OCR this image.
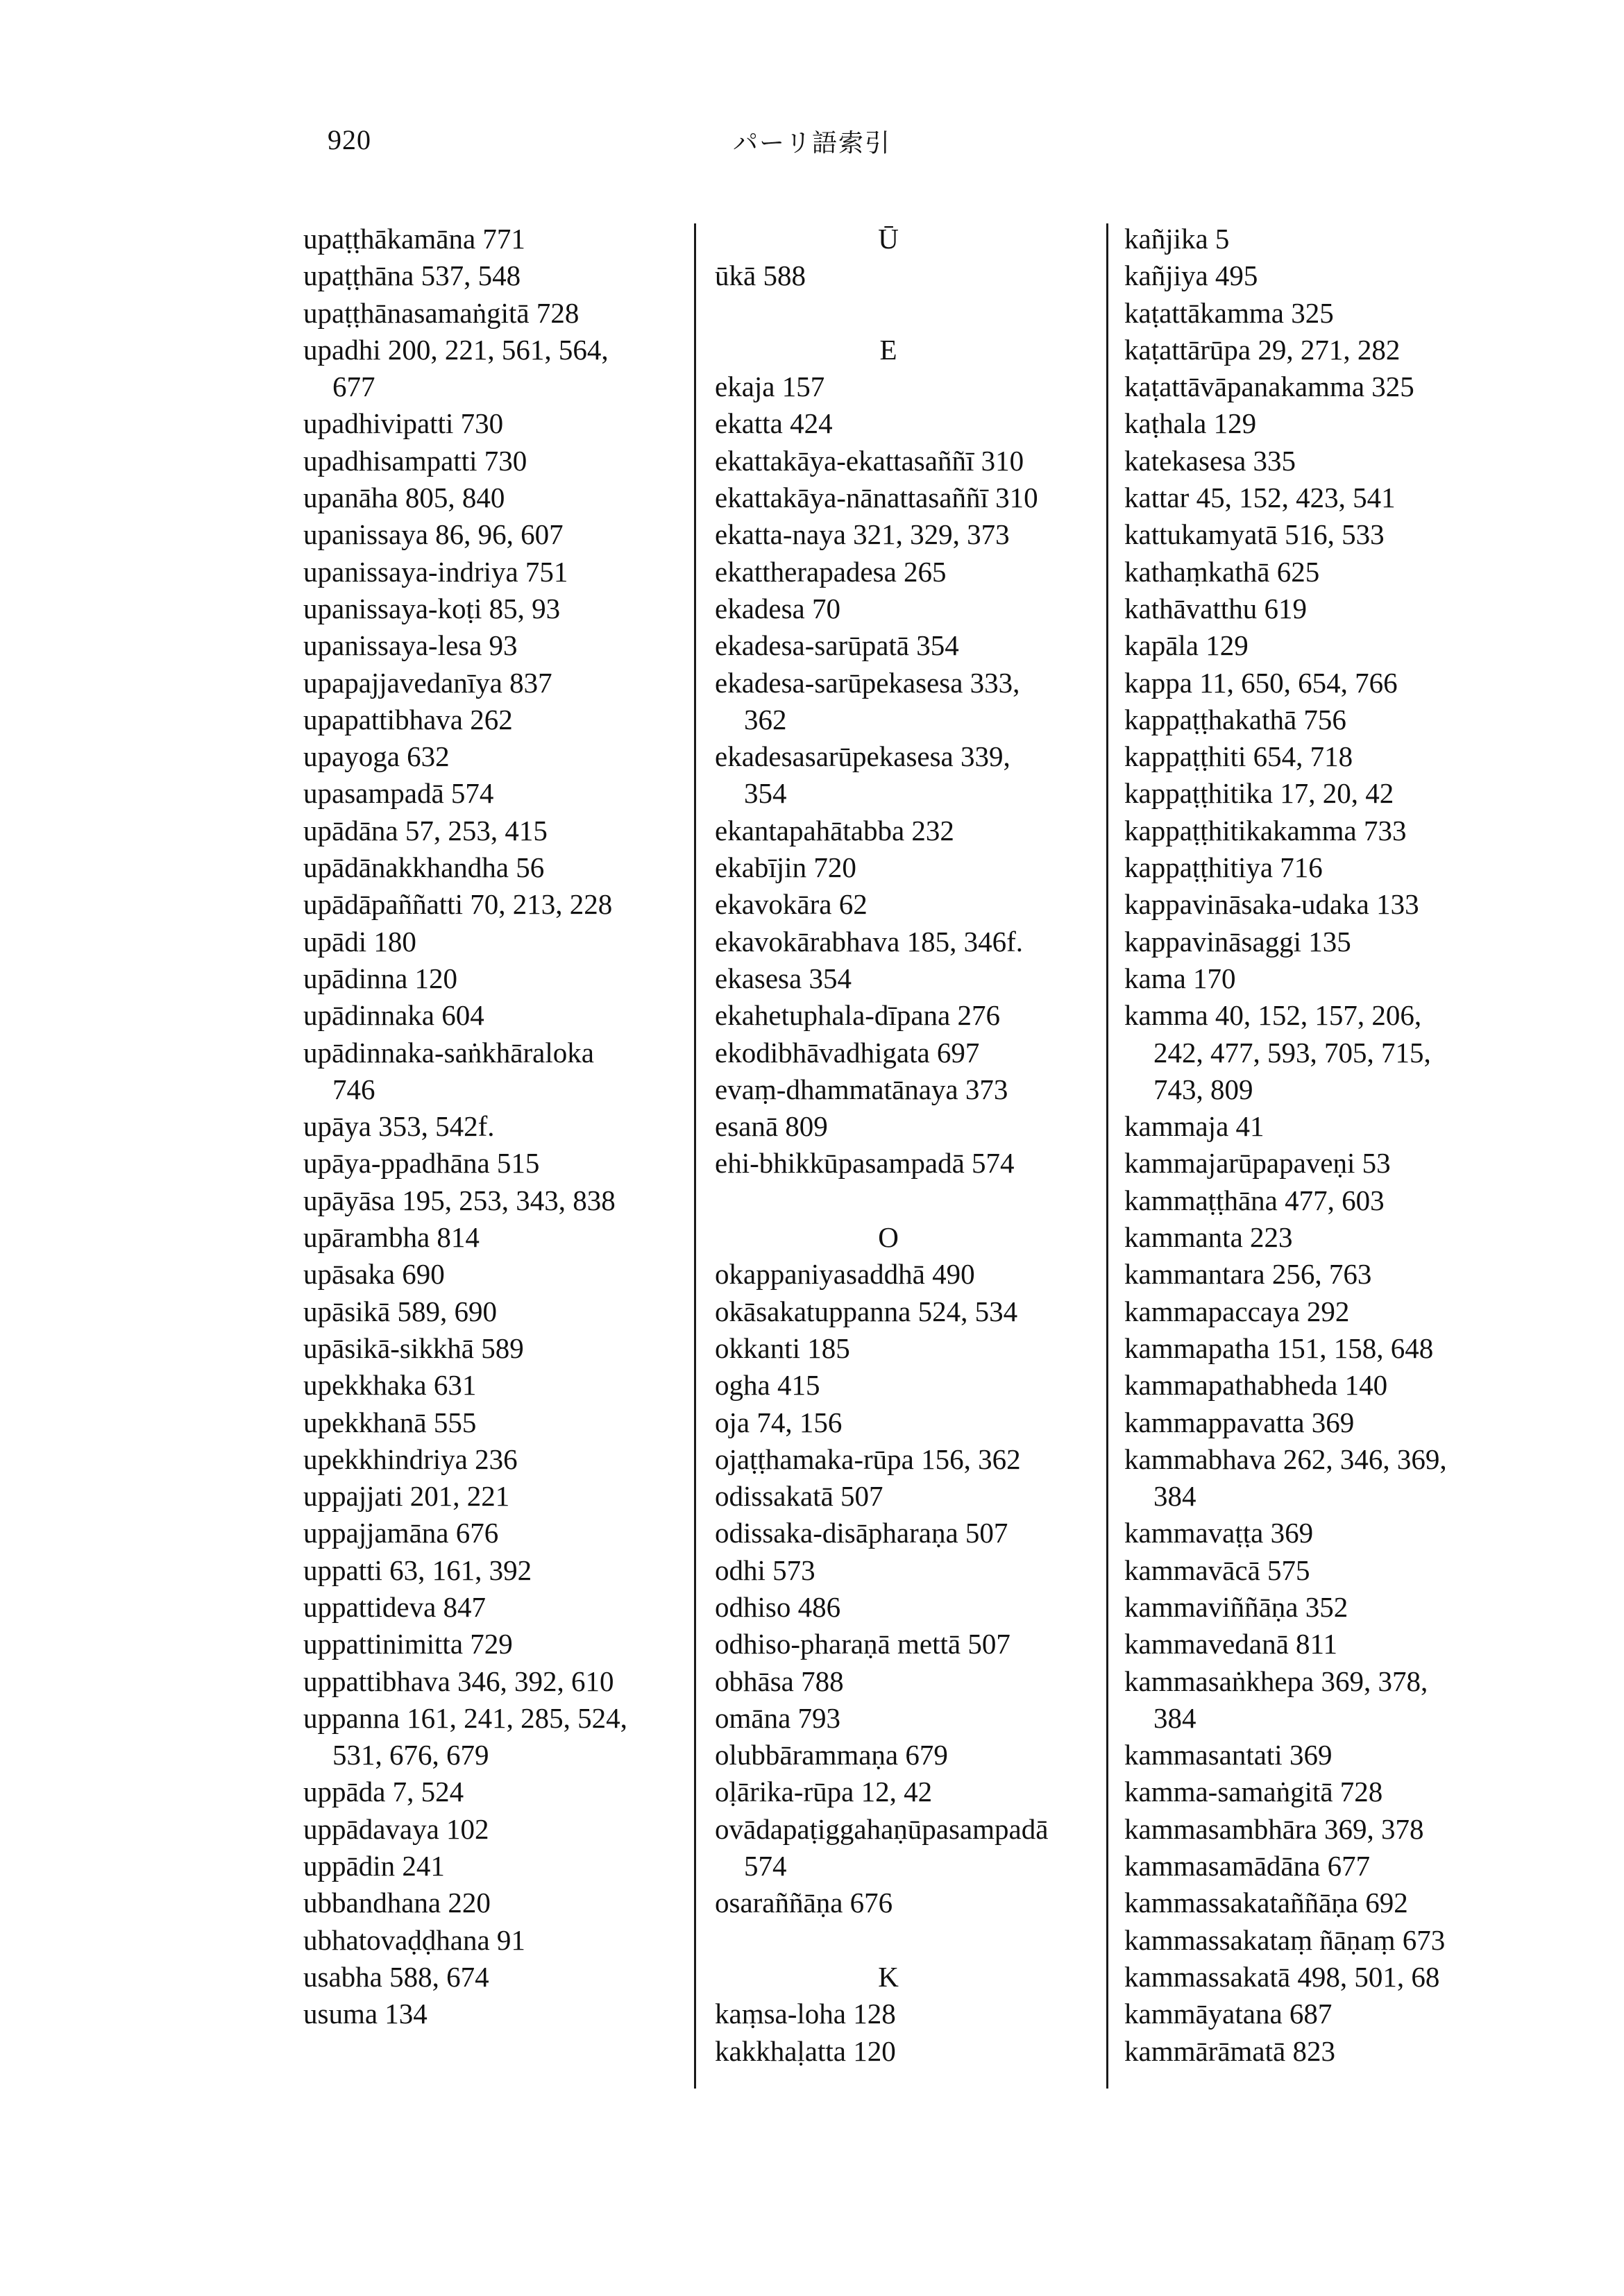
920	パーリ語索引
upaṭṭhākamāna 771
upaṭṭhāna 537, 548
upaṭṭhānasamaṅgitā 728
upadhi 200, 221, 561, 564,
677
upadhivipatti 730
upadhisampatti 730
upanāha 805, 840
upanissaya 86, 96, 607
upanissaya-indriya 751
upanissaya-koṭi 85, 93
upanissaya-lesa 93
upapajjavedanīya 837
upapattibhava 262
upayoga 632
upasampadā 574
upādāna 57, 253, 415
upādānakkhandha 56
upādāpaññatti 70, 213, 228
upādi 180
upādinna 120
upādinnaka 604
upādinnaka-saṅkhāraloka
746
upāya 353, 542f.
upāya-ppadhāna 515
upāyāsa 195, 253, 343, 838
upārambha 814
upāsaka 690
upāsikā 589, 690
upāsikā-sikkhā 589
upekkhaka 631
upekkhanā 555
upekkhindriya 236
uppajjati 201, 221
uppajjamāna 676
uppatti 63, 161, 392
uppattideva 847
uppattinimitta 729
uppattibhava 346, 392, 610
uppanna 161, 241, 285, 524,
531, 676, 679
uppāda 7, 524
uppādavaya 102
uppādin 241
ubbandhana 220
ubhatovaḍḍhana 91
usabha 588, 674
usuma 134
Ū
ūkā 588
E
ekaja 157
ekatta 424
ekattakāya-ekattasaññī 310
ekattakāya-nānattasaññī 310
ekatta-naya 321, 329, 373
ekattherapadesa 265
ekadesa 70
ekadesa-sarūpatā 354
ekadesa-sarūpekasesa 333,
362
ekadesasarūpekasesa 339,
354
ekantapahātabba 232
ekabījin 720
ekavokāra 62
ekavokārabhava 185, 346f.
ekasesa 354
ekahetuphala-dīpana 276
ekodibhāvadhigata 697
evaṃ-dhammatānaya 373
esanā 809
ehi-bhikkūpasampadā 574
O
okappaniyasaddhā 490
okāsakatuppanna 524, 534
okkanti 185
ogha 415
oja 74, 156
ojaṭṭhamaka-rūpa 156, 362
odissakatā 507
odissaka-disāpharaṇa 507
odhi 573
odhiso 486
odhiso-pharaṇā mettā 507
obhāsa 788
omāna 793
olubbārammaṇa 679
oḷārika-rūpa 12, 42
ovādapaṭiggahaṇūpasampadā
574
osaraññāṇa 676
K
kaṃsa-loha 128
kakkhaḷatta 120
kañjika 5
kañjiya 495
kaṭattākamma 325
kaṭattārūpa 29, 271, 282
kaṭattāvāpanakamma 325
kaṭhala 129
katekasesa 335
kattar 45, 152, 423, 541
kattukamyatā 516, 533
kathaṃkathā 625
kathāvatthu 619
kapāla 129
kappa 11, 650, 654, 766
kappaṭṭhakathā 756
kappaṭṭhiti 654, 718
kappaṭṭhitika 17, 20, 42
kappaṭṭhitikakamma 733
kappaṭṭhitiya 716
kappavināsaka-udaka 133
kappavināsaggi 135
kama 170
kamma 40, 152, 157, 206,
242, 477, 593, 705, 715,
743, 809
kammaja 41
kammajarūpapaveṇi 53
kammaṭṭhāna 477, 603
kammanta 223
kammantara 256, 763
kammapaccaya 292
kammapatha 151, 158, 648
kammapathabheda 140
kammappavatta 369
kammabhava 262, 346, 369,
384
kammavaṭṭa 369
kammavācā 575
kammaviññāṇa 352
kammavedanā 811
kammasaṅkhepa 369, 378,
384
kammasantati 369
kamma-samaṅgitā 728
kammasambhāra 369, 378
kammasamādāna 677
kammassakataññāṇa 692
kammassakataṃ ñāṇaṃ 673
kammassakatā 498, 501, 68
kammāyatana 687
kammārāmatā 823
